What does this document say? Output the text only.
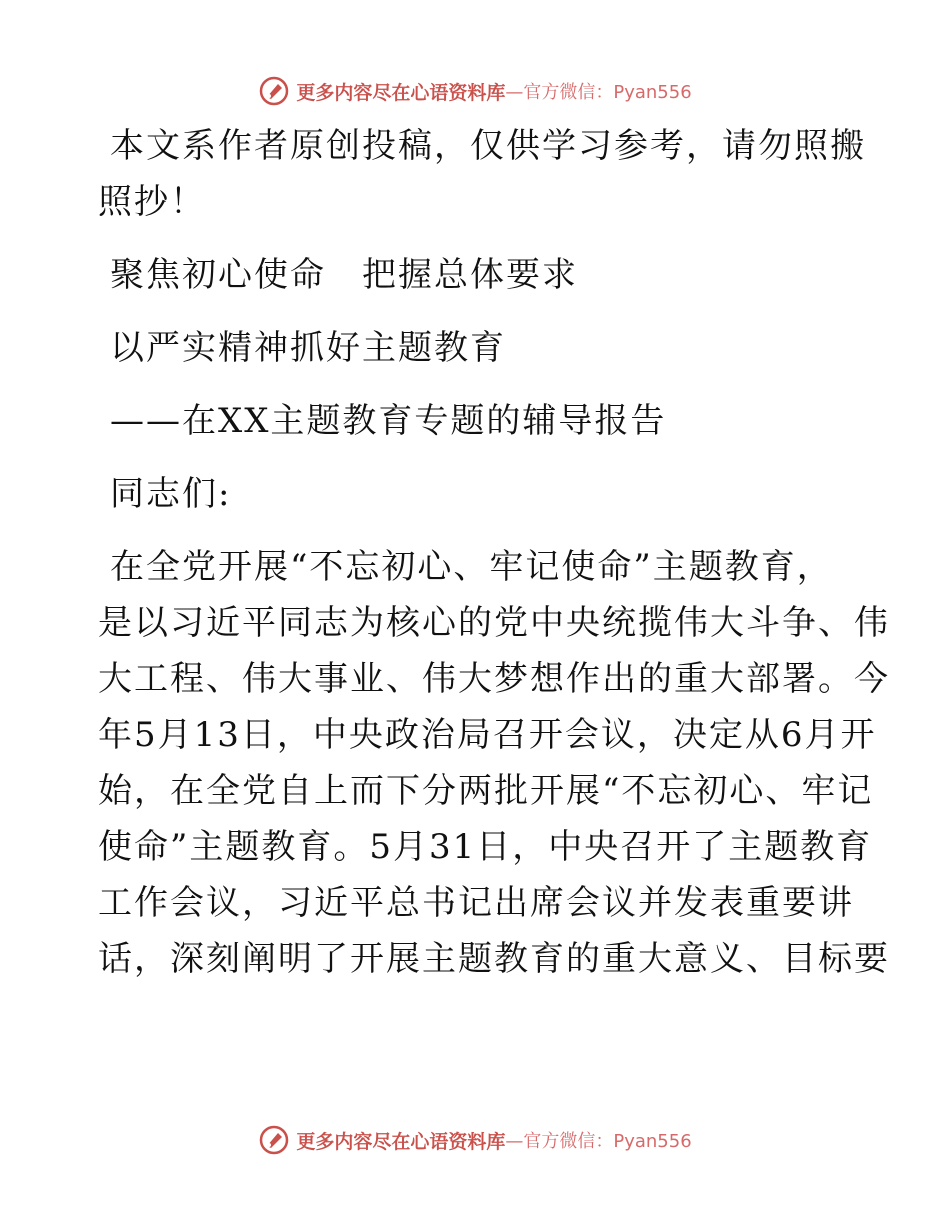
更多内容尽在心语资料库 —官方微信：Pyan556
本文系作者原创投稿，仅供学习参考，请勿照搬
照抄！
聚焦初心使命　把握总体要求
以严实精神抓好主题教育
——在XX主题教育专题的辅导报告
同志们:
在全党开展“不忘初心、牢记使命”主题教育，
是以习近平同志为核心的党中央统揽伟大斗争、伟
大工程、伟大事业、伟大梦想作出的重大部署。今
年5月13日，中央政治局召开会议，决定从6月开
始，在全党自上而下分两批开展“不忘初心、牢记
使命”主题教育。5月31日，中央召开了主题教育
工作会议，习近平总书记出席会议并发表重要讲
话，深刻阐明了开展主题教育的重大意义、目标要
更多内容尽在心语资料库 —官方微信：Pyan556
